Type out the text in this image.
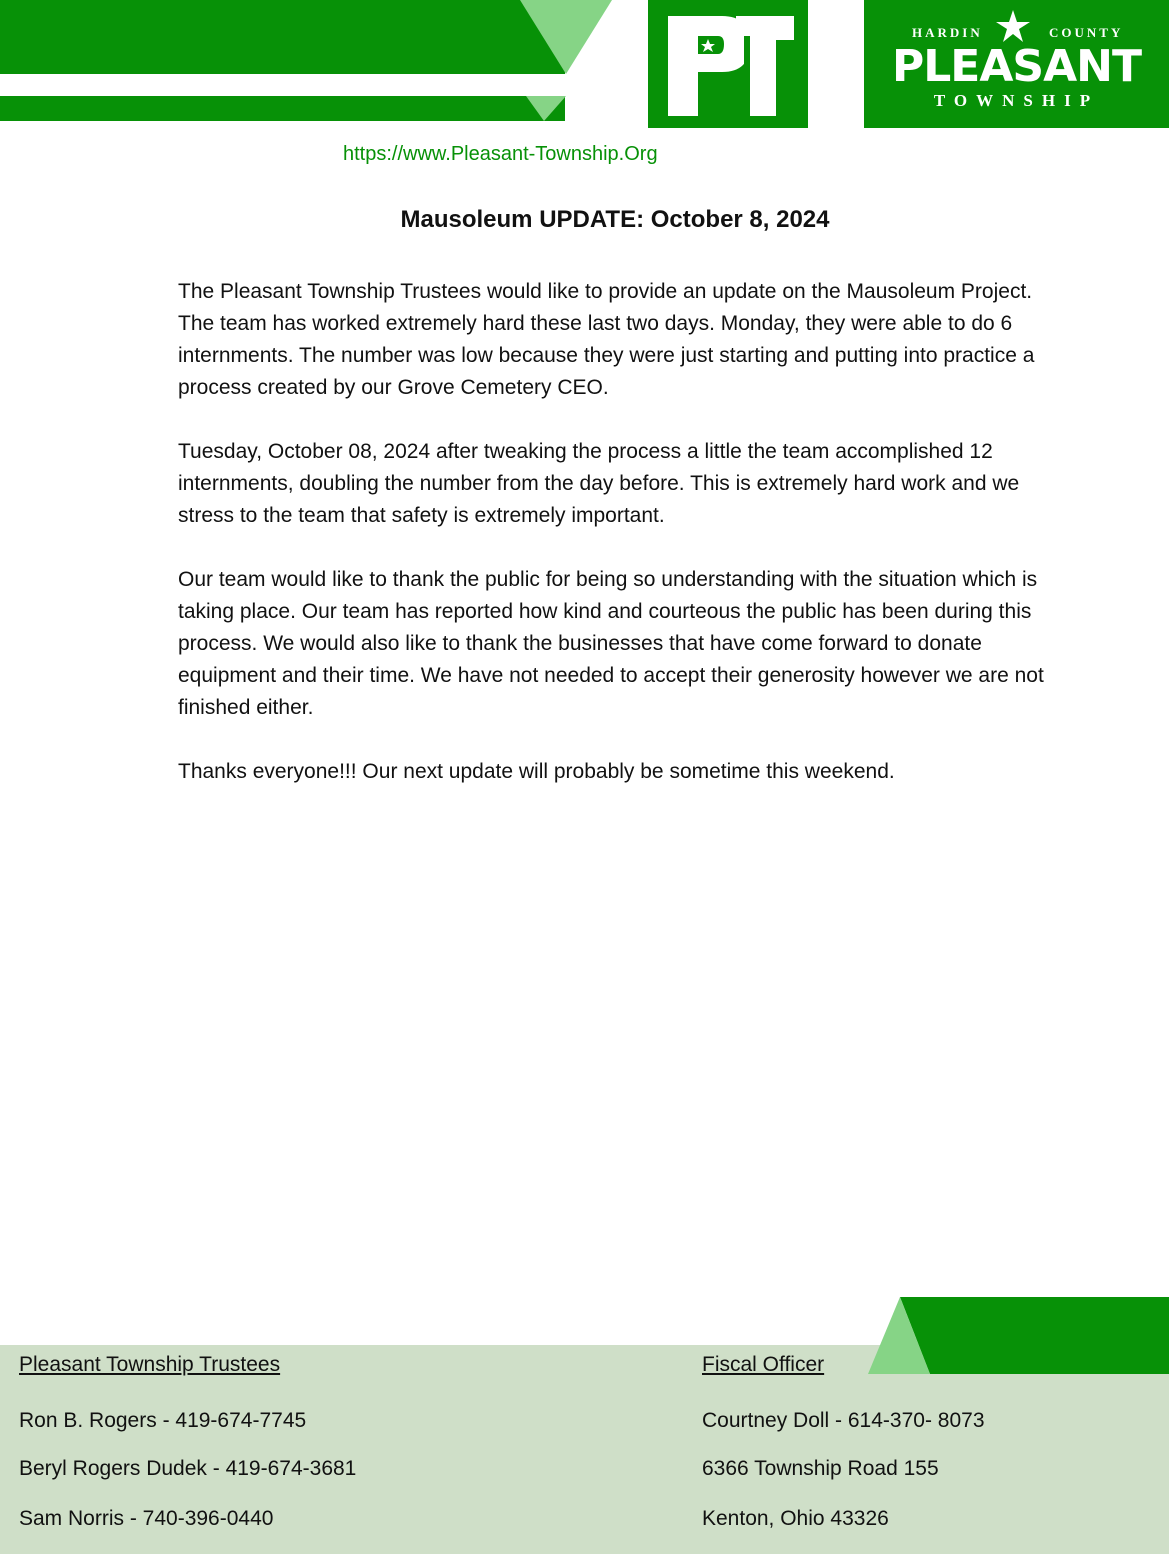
HARDIN	COUNTY
PLEASANT
TOWNSHIP
https://www.Pleasant-Township.Org
Mausoleum UPDATE: October 8, 2024

The Pleasant Township Trustees would like to provide an update on the Mausoleum Project. The team has worked extremely hard these last two days. Monday, they were able to do 6 internments. The number was low because they were just starting and putting into practice a process created by our Grove Cemetery CEO.

Tuesday, October 08, 2024 after tweaking the process a little the team accomplished 12 internments, doubling the number from the day before. This is extremely hard work and we stress to the team that safety is extremely important.

Our team would like to thank the public for being so understanding with the situation which is taking place. Our team has reported how kind and courteous the public has been during this process. We would also like to thank the businesses that have come forward to donate equipment and their time. We have not needed to accept their generosity however we are not finished either.

Thanks everyone!!! Our next update will probably be sometime this weekend.

Pleasant Township Trustees
Ron B. Rogers - 419-674-7745
Beryl Rogers Dudek - 419-674-3681
Sam Norris - 740-396-0440
Fiscal Officer
Courtney Doll - 614-370- 8073
6366 Township Road 155
Kenton, Ohio 43326
